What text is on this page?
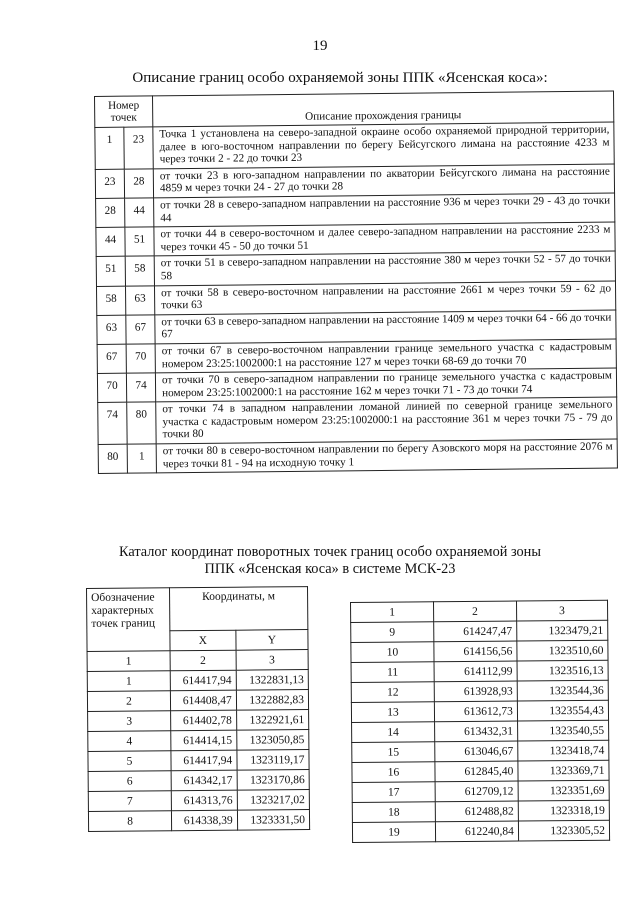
19
Описание границ особо охраняемой зоны ППК «Ясенская коса»:
Номер точек		Описание прохождения границы
1	23	Точка 1 установлена на северо-западной окраине особо охраняемой природной территории, далее в юго-восточном направлении по берегу Бейсугского лимана на расстояние 4233 м через точки 2 - 22 до точки 23
23	28	от точки 23 в юго-западном направлении по акватории Бейсугского лимана на расстояние 4859 м через точки 24 - 27 до точки 28
28	44	от точки 28 в северо-западном направлении на расстояние 936 м через точки 29 - 43 до точки 44
44	51	от точки 44 в северо-восточном и далее северо-западном направлении на расстояние 2233 м через точки 45 - 50 до точки 51
51	58	от точки 51 в северо-западном направлении на расстояние 380 м через точки 52 - 57 до точки 58
58	63	от точки 58 в северо-восточном направлении на расстояние 2661 м через точки 59 - 62 до точки 63
63	67	от точки 63 в северо-западном направлении на расстояние 1409 м через точки 64 - 66 до точки 67
67	70	от точки 67 в северо-восточном направлении границе земельного участка с кадастровым номером 23:25:1002000:1 на расстояние 127 м через точки 68-69 до точки 70
70	74	от точки 70 в северо-западном направлении по границе земельного участка с кадастровым номером 23:25:1002000:1 на расстояние 162 м через точки 71 - 73 до точки 74
74	80	от точки 74 в западном направлении ломаной линией по северной границе земельного участка с кадастровым номером 23:25:1002000:1 на расстояние 361 м через точки 75 - 79 до точки 80
80	1	от точки 80 в северо-восточном направлении по берегу Азовского моря на расстояние 2076 м через точки 81 - 94 на исходную точку 1
Каталог координат поворотных точек границ особо охраняемой зоны
ППК «Ясенская коса» в системе МСК-23
Обозначение характерных точек границ	Координаты, м	
	X	Y
1	2	3
1	614417,94	1322831,13
2	614408,47	1322882,83
3	614402,78	1322921,61
4	614414,15	1323050,85
5	614417,94	1323119,17
6	614342,17	1323170,86
7	614313,76	1323217,02
8	614338,39	1323331,50
1	2	3
9	614247,47	1323479,21
10	614156,56	1323510,60
11	614112,99	1323516,13
12	613928,93	1323544,36
13	613612,73	1323554,43
14	613432,31	1323540,55
15	613046,67	1323418,74
16	612845,40	1323369,71
17	612709,12	1323351,69
18	612488,82	1323318,19
19	612240,84	1323305,52
